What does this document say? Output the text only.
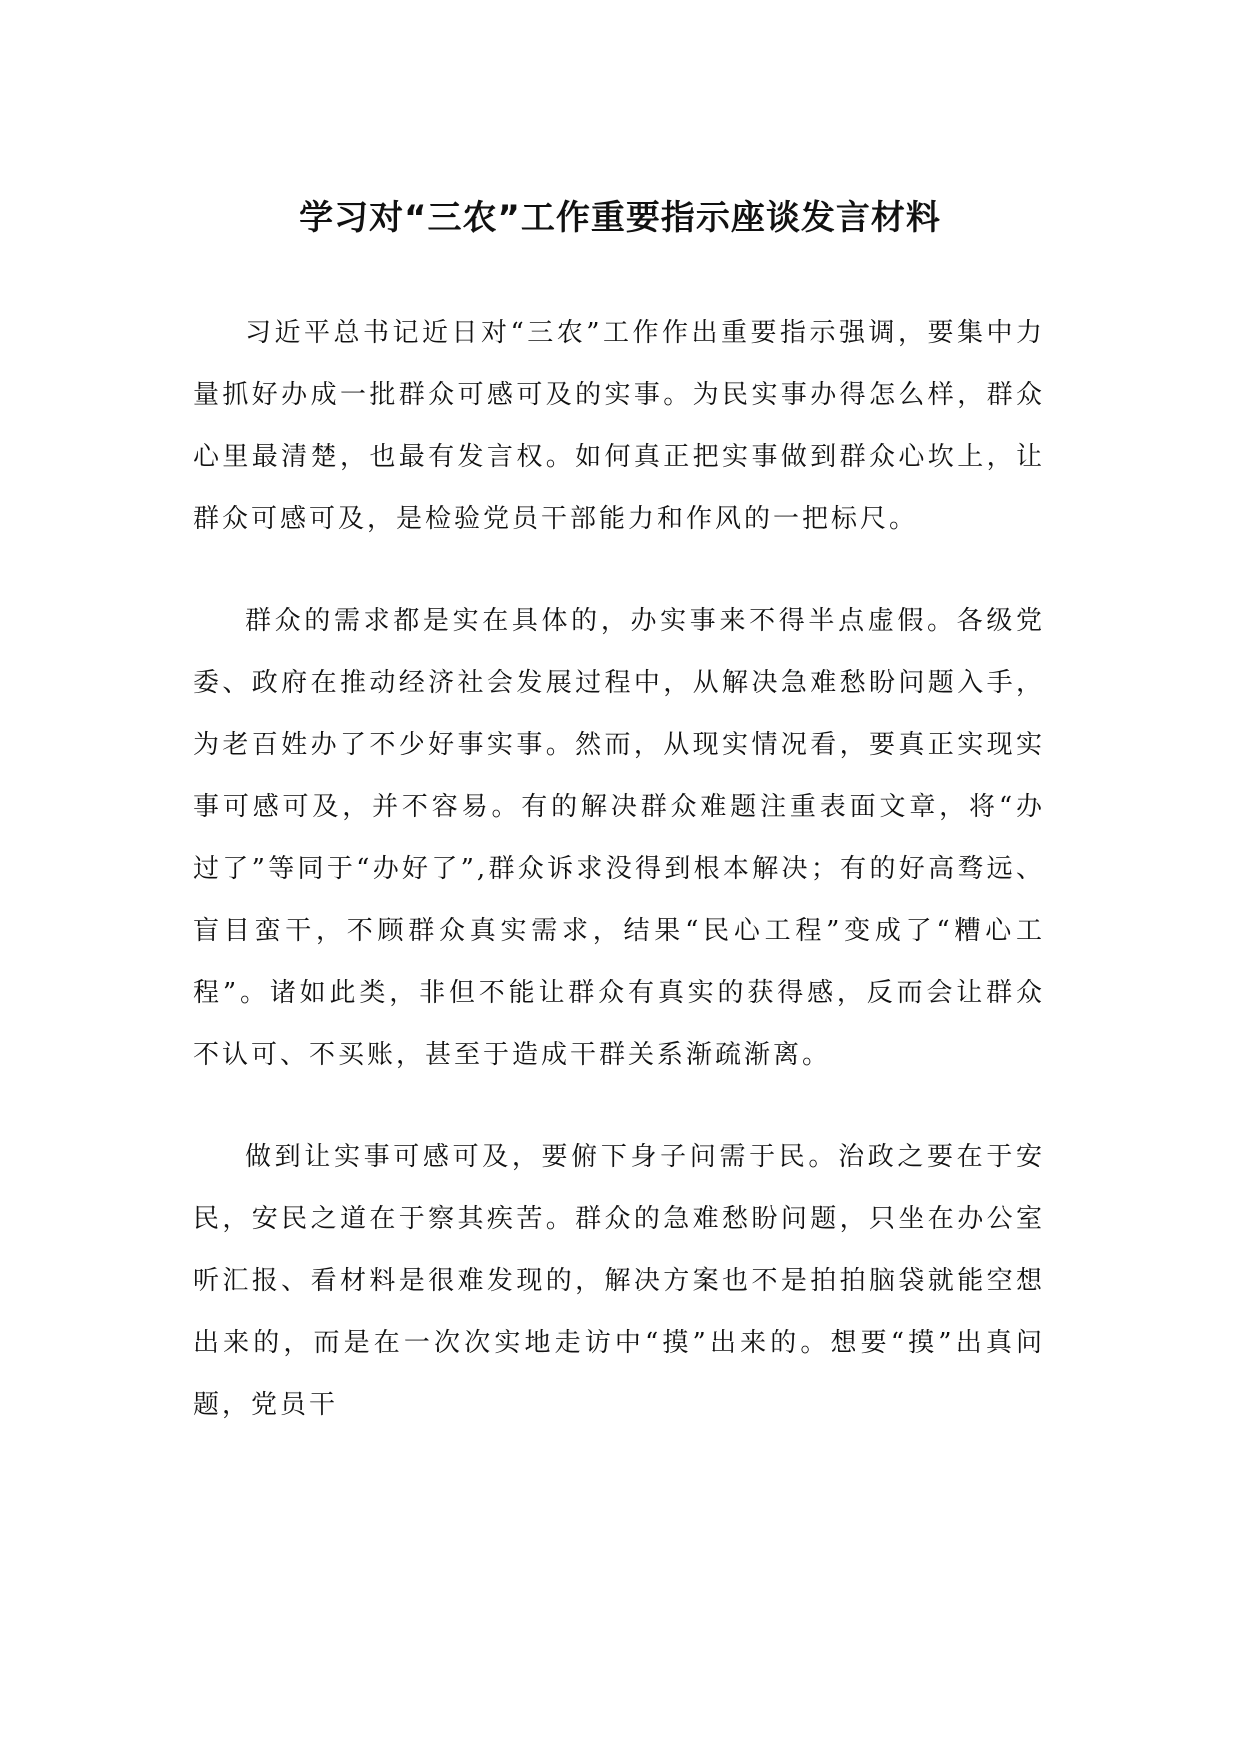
学习对“三农”工作重要指示座谈发言材料

习近平总书记近日对“三农”工作作出重要指示强调，要集中力量抓好办成一批群众可感可及的实事。为民实事办得怎么样，群众心里最清楚，也最有发言权。如何真正把实事做到群众心坎上，让群众可感可及，是检验党员干部能力和作风的一把标尺。

群众的需求都是实在具体的，办实事来不得半点虚假。各级党委、政府在推动经济社会发展过程中，从解决急难愁盼问题入手，为老百姓办了不少好事实事。然而，从现实情况看，要真正实现实事可感可及，并不容易。有的解决群众难题注重表面文章，将“办过了”等同于“办好了”,群众诉求没得到根本解决；有的好高骛远、盲目蛮干，不顾群众真实需求，结果“民心工程”变成了“糟心工程”。诸如此类，非但不能让群众有真实的获得感，反而会让群众不认可、不买账，甚至于造成干群关系渐疏渐离。

做到让实事可感可及，要俯下身子问需于民。治政之要在于安民，安民之道在于察其疾苦。群众的急难愁盼问题，只坐在办公室听汇报、看材料是很难发现的，解决方案也不是拍拍脑袋就能空想出来的，而是在一次次实地走访中“摸”出来的。想要“摸”出真问题，党员干
